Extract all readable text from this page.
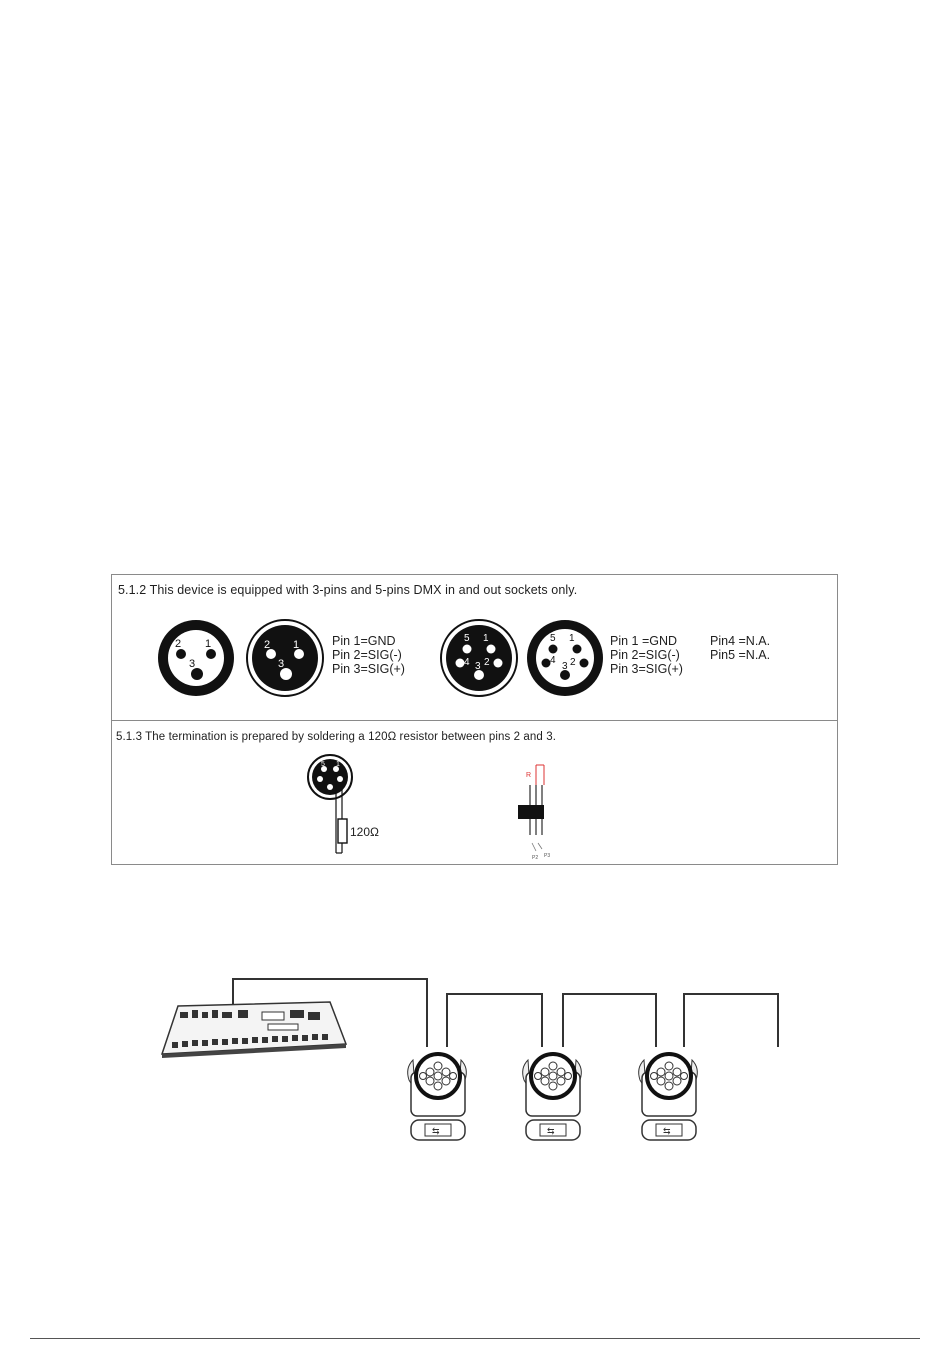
5.1.2 This device is equipped with 3-pins and 5-pins DMX in and out sockets only.
2 1
3
2 1
3
Pin 1=GND
Pin 2=SIG(-)
Pin 3=SIG(+)
5 1
4 2
3
5 1
4 2
3
Pin 1 =GND
Pin 2=SIG(-)
Pin 3=SIG(+)
Pin4 =N.A.
Pin5 =N.A.
5.1.3 The termination is prepared by soldering a 120Ω resistor between pins 2 and 3.
5 1
120Ω
R
P2 P3
⇆	⇆	⇆
